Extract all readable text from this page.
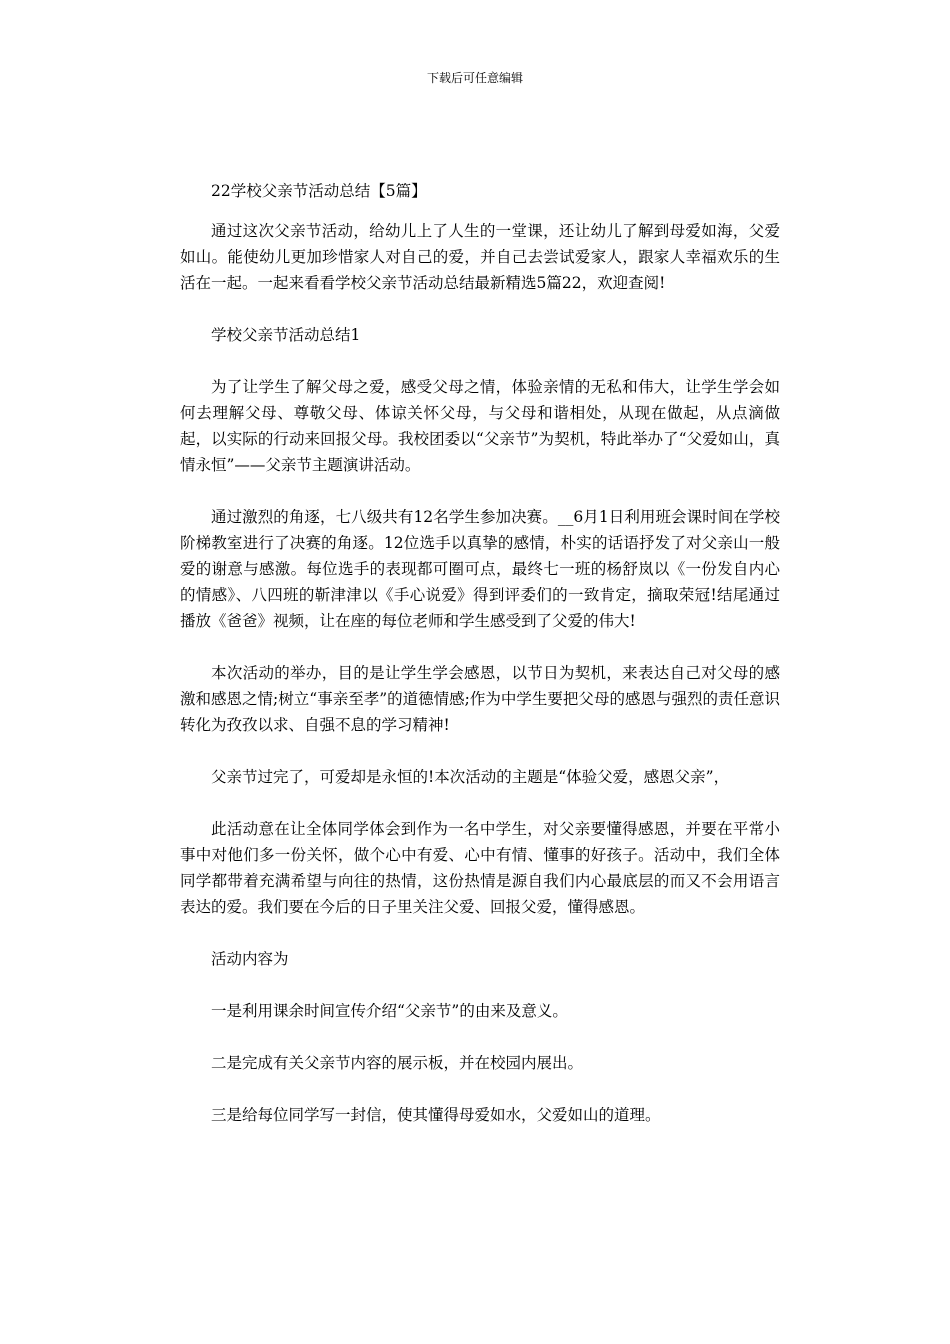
下载后可任意编辑

22学校父亲节活动总结【5篇】

通过这次父亲节活动，给幼儿上了人生的一堂课，还让幼儿了解到母爱如海，父爱如山。能使幼儿更加珍惜家人对自己的爱，并自己去尝试爱家人，跟家人幸福欢乐的生活在一起。一起来看看学校父亲节活动总结最新精选5篇22，欢迎查阅!

学校父亲节活动总结1

为了让学生了解父母之爱，感受父母之情，体验亲情的无私和伟大，让学生学会如何去理解父母、尊敬父母、体谅关怀父母，与父母和谐相处，从现在做起，从点滴做起，以实际的行动来回报父母。我校团委以“父亲节”为契机，特此举办了“父爱如山，真情永恒”——父亲节主题演讲活动。

通过激烈的角逐，七八级共有12名学生参加决赛。__6月1日利用班会课时间在学校阶梯教室进行了决赛的角逐。12位选手以真挚的感情，朴实的话语抒发了对父亲山一般爱的谢意与感激。每位选手的表现都可圈可点，最终七一班的杨舒岚以《一份发自内心的情感》、八四班的靳津津以《手心说爱》得到评委们的一致肯定，摘取荣冠!结尾通过播放《爸爸》视频，让在座的每位老师和学生感受到了父爱的伟大!

本次活动的举办，目的是让学生学会感恩，以节日为契机，来表达自己对父母的感激和感恩之情;树立“事亲至孝”的道德情感;作为中学生要把父母的感恩与强烈的责任意识转化为孜孜以求、自强不息的学习精神!

父亲节过完了，可爱却是永恒的!本次活动的主题是“体验父爱，感恩父亲”，

此活动意在让全体同学体会到作为一名中学生，对父亲要懂得感恩，并要在平常小事中对他们多一份关怀，做个心中有爱、心中有情、懂事的好孩子。活动中，我们全体同学都带着充满希望与向往的热情，这份热情是源自我们内心最底层的而又不会用语言表达的爱。我们要在今后的日子里关注父爱、回报父爱，懂得感恩。

活动内容为

一是利用课余时间宣传介绍“父亲节”的由来及意义。

二是完成有关父亲节内容的展示板，并在校园内展出。

三是给每位同学写一封信，使其懂得母爱如水，父爱如山的道理。
